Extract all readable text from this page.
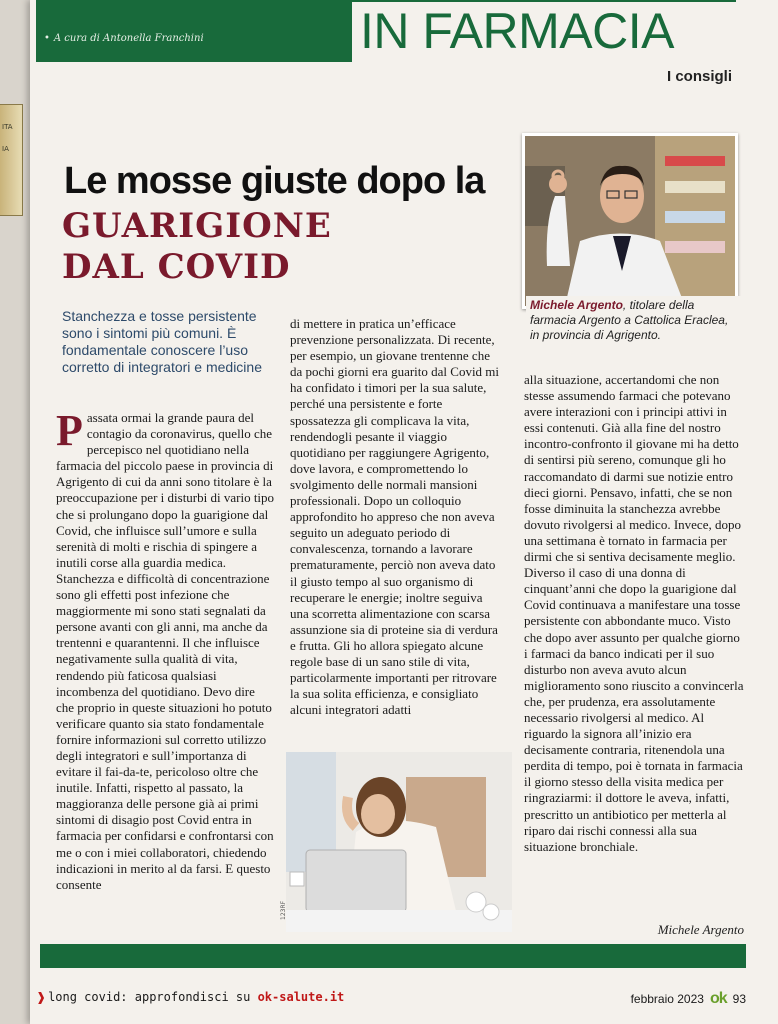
ITA
IA
• A cura di Antonella Franchini	IN FARMACIA
I consigli
Le mosse giuste dopo la
GUARIGIONE
DAL COVID

Stanchezza e tosse persistente sono i sintomi più comuni. È fondamentale conoscere l’uso corretto di integratori e medicine

Michele Argento, titolare della farmacia Argento a Cattolica Eraclea, in provincia di Agrigento.

Passata ormai la grande paura del contagio da coronavirus, quello che percepisco nel quotidiano nella farmacia del piccolo paese in provincia di Agrigento di cui da anni sono titolare è la preoccupazione per i disturbi di vario tipo che si prolungano dopo la guarigione dal Covid, che influisce sull’umore e sulla serenità di molti e rischia di spingere a inutili corse alla guardia medica. Stanchezza e difficoltà di concentrazione sono gli effetti post infezione che maggiormente mi sono stati segnalati da persone avanti con gli anni, ma anche da trentenni e quarantenni. Il che influisce negativamente sulla qualità di vita, rendendo più faticosa qualsiasi incombenza del quotidiano. Devo dire che proprio in queste situazioni ho potuto verificare quanto sia stato fondamentale fornire informazioni sul corretto utilizzo degli integratori e sull’importanza di evitare il fai-da-te, pericoloso oltre che inutile. Infatti, rispetto al passato, la maggioranza delle persone già ai primi sintomi di disagio post Covid entra in farmacia per confidarsi e confrontarsi con me o con i miei collaboratori, chiedendo indicazioni in merito al da farsi. E questo consente

di mettere in pratica un’efficace prevenzione personalizzata. Di recente, per esempio, un giovane trentenne che da pochi giorni era guarito dal Covid mi ha confidato i timori per la sua salute, perché una persistente e forte spossatezza gli complicava la vita, rendendogli pesante il viaggio quotidiano per raggiungere Agrigento, dove lavora, e compromettendo lo svolgimento delle normali mansioni professionali. Dopo un colloquio approfondito ho appreso che non aveva seguito un adeguato periodo di convalescenza, tornando a lavorare prematuramente, perciò non aveva dato il giusto tempo al suo organismo di recuperare le energie; inoltre seguiva una scorretta alimentazione con scarsa assunzione sia di proteine sia di verdura e frutta. Gli ho allora spiegato alcune regole base di un sano stile di vita, particolarmente importanti per ritrovare la sua solita efficienza, e consigliato alcuni integratori adatti

alla situazione, accertandomi che non stesse assumendo farmaci che potevano avere interazioni con i principi attivi in essi contenuti. Già alla fine del nostro incontro-confronto il giovane mi ha detto di sentirsi più sereno, comunque gli ho raccomandato di darmi sue notizie entro dieci giorni. Pensavo, infatti, che se non fosse diminuita la stanchezza avrebbe dovuto rivolgersi al medico. Invece, dopo una settimana è tornato in farmacia per dirmi che si sentiva decisamente meglio. Diverso il caso di una donna di cinquant’anni che dopo la guarigione dal Covid continuava a manifestare una tosse persistente con abbondante muco. Visto che dopo aver assunto per qualche giorno i farmaci da banco indicati per il suo disturbo non aveva avuto alcun miglioramento sono riuscito a convincerla che, per prudenza, era assolutamente necessario rivolgersi al medico. Al riguardo la signora all’inizio era decisamente contraria, ritenendola una perdita di tempo, poi è tornata in farmacia il giorno stesso della visita medica per ringraziarmi: il dottore le aveva, infatti, prescritto un antibiotico per metterla al riparo dai rischi connessi alla sua situazione bronchiale.

123RF
Michele Argento
❱ long covid: approfondisci su ok-salute.it	febbraio 2023 ok 93
